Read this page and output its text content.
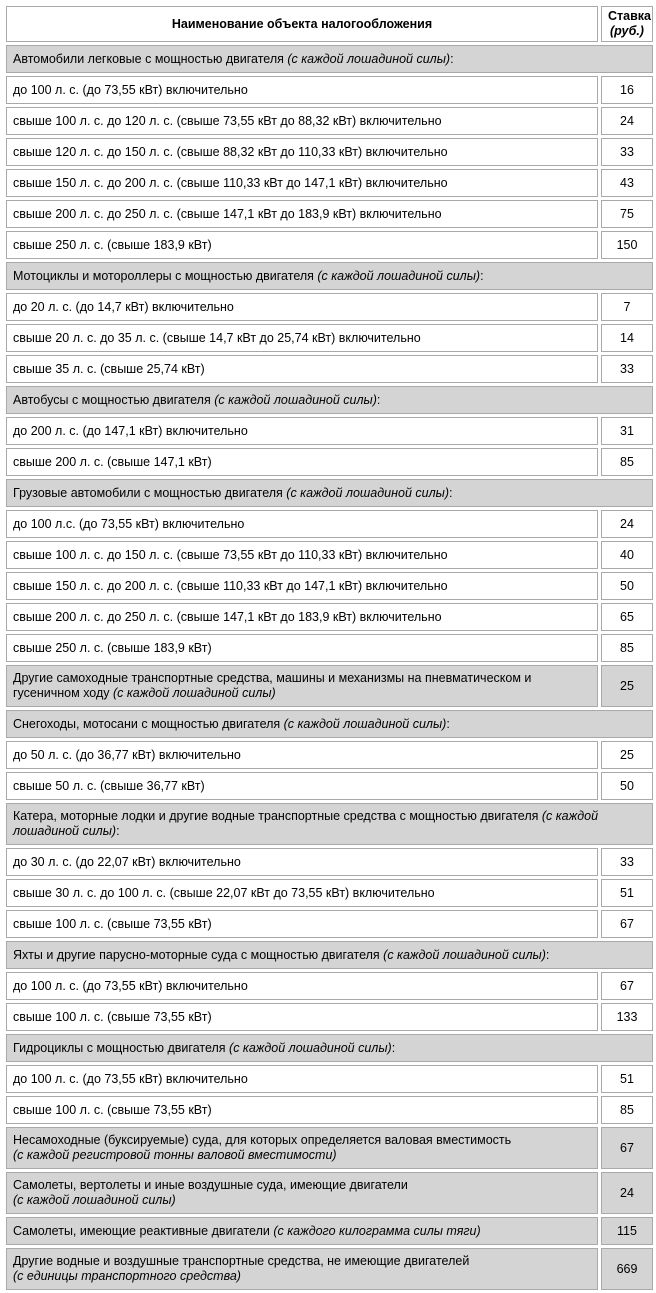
Наименование объекта налогообложения	Ставка
(руб.)
Автомобили легковые с мощностью двигателя (с каждой лошадиной силы):	
до 100 л. с. (до 73,55 кВт) включительно	16
свыше 100 л. с. до 120 л. с. (свыше 73,55 кВт до 88,32 кВт) включительно	24
свыше 120 л. с. до 150 л. с. (свыше 88,32 кВт до 110,33 кВт) включительно	33
свыше 150 л. с. до 200 л. с. (свыше 110,33 кВт до 147,1 кВт) включительно	43
свыше 200 л. с. до 250 л. с. (свыше 147,1 кВт до 183,9 кВт) включительно	75
свыше 250 л. с. (свыше 183,9 кВт)	150
Мотоциклы и мотороллеры с мощностью двигателя (с каждой лошадиной силы):	
до 20 л. с. (до 14,7 кВт) включительно	7
свыше 20 л. с. до 35 л. с. (свыше 14,7 кВт до 25,74 кВт) включительно	14
свыше 35 л. с. (свыше 25,74 кВт)	33
Автобусы с мощностью двигателя (с каждой лошадиной силы):	
до 200 л. с. (до 147,1 кВт) включительно	31
свыше 200 л. с. (свыше 147,1 кВт)	85
Грузовые автомобили с мощностью двигателя (с каждой лошадиной силы):	
до 100 л.с. (до 73,55 кВт) включительно	24
свыше 100 л. с. до 150 л. с. (свыше 73,55 кВт до 110,33 кВт) включительно	40
свыше 150 л. с. до 200 л. с. (свыше 110,33 кВт до 147,1 кВт) включительно	50
свыше 200 л. с. до 250 л. с. (свыше 147,1 кВт до 183,9 кВт) включительно	65
свыше 250 л. с. (свыше 183,9 кВт)	85
Другие самоходные транспортные средства, машины и механизмы на пневматическом и гусеничном ходу (с каждой лошадиной силы)	25
Снегоходы, мотосани с мощностью двигателя (с каждой лошадиной силы):	
до 50 л. с. (до 36,77 кВт) включительно	25
свыше 50 л. с. (свыше 36,77 кВт)	50
Катера, моторные лодки и другие водные транспортные средства с мощностью двигателя (с каждой лошадиной силы):	
до 30 л. с. (до 22,07 кВт) включительно	33
свыше 30 л. с. до 100 л. с. (свыше 22,07 кВт до 73,55 кВт) включительно	51
свыше 100 л. с. (свыше 73,55 кВт)	67
Яхты и другие парусно-моторные суда с мощностью двигателя (с каждой лошадиной силы):	
до 100 л. с. (до 73,55 кВт) включительно	67
свыше 100 л. с. (свыше 73,55 кВт)	133
Гидроциклы с мощностью двигателя (с каждой лошадиной силы):	
до 100 л. с. (до 73,55 кВт) включительно	51
свыше 100 л. с. (свыше 73,55 кВт)	85
Несамоходные (буксируемые) суда, для которых определяется валовая вместимость
(с каждой регистровой тонны валовой вместимости)	67
Самолеты, вертолеты и иные воздушные суда, имеющие двигатели
(с каждой лошадиной силы)	24
Самолеты, имеющие реактивные двигатели (с каждого килограмма силы тяги)	115
Другие водные и воздушные транспортные средства, не имеющие двигателей
(с единицы транспортного средства)	669
